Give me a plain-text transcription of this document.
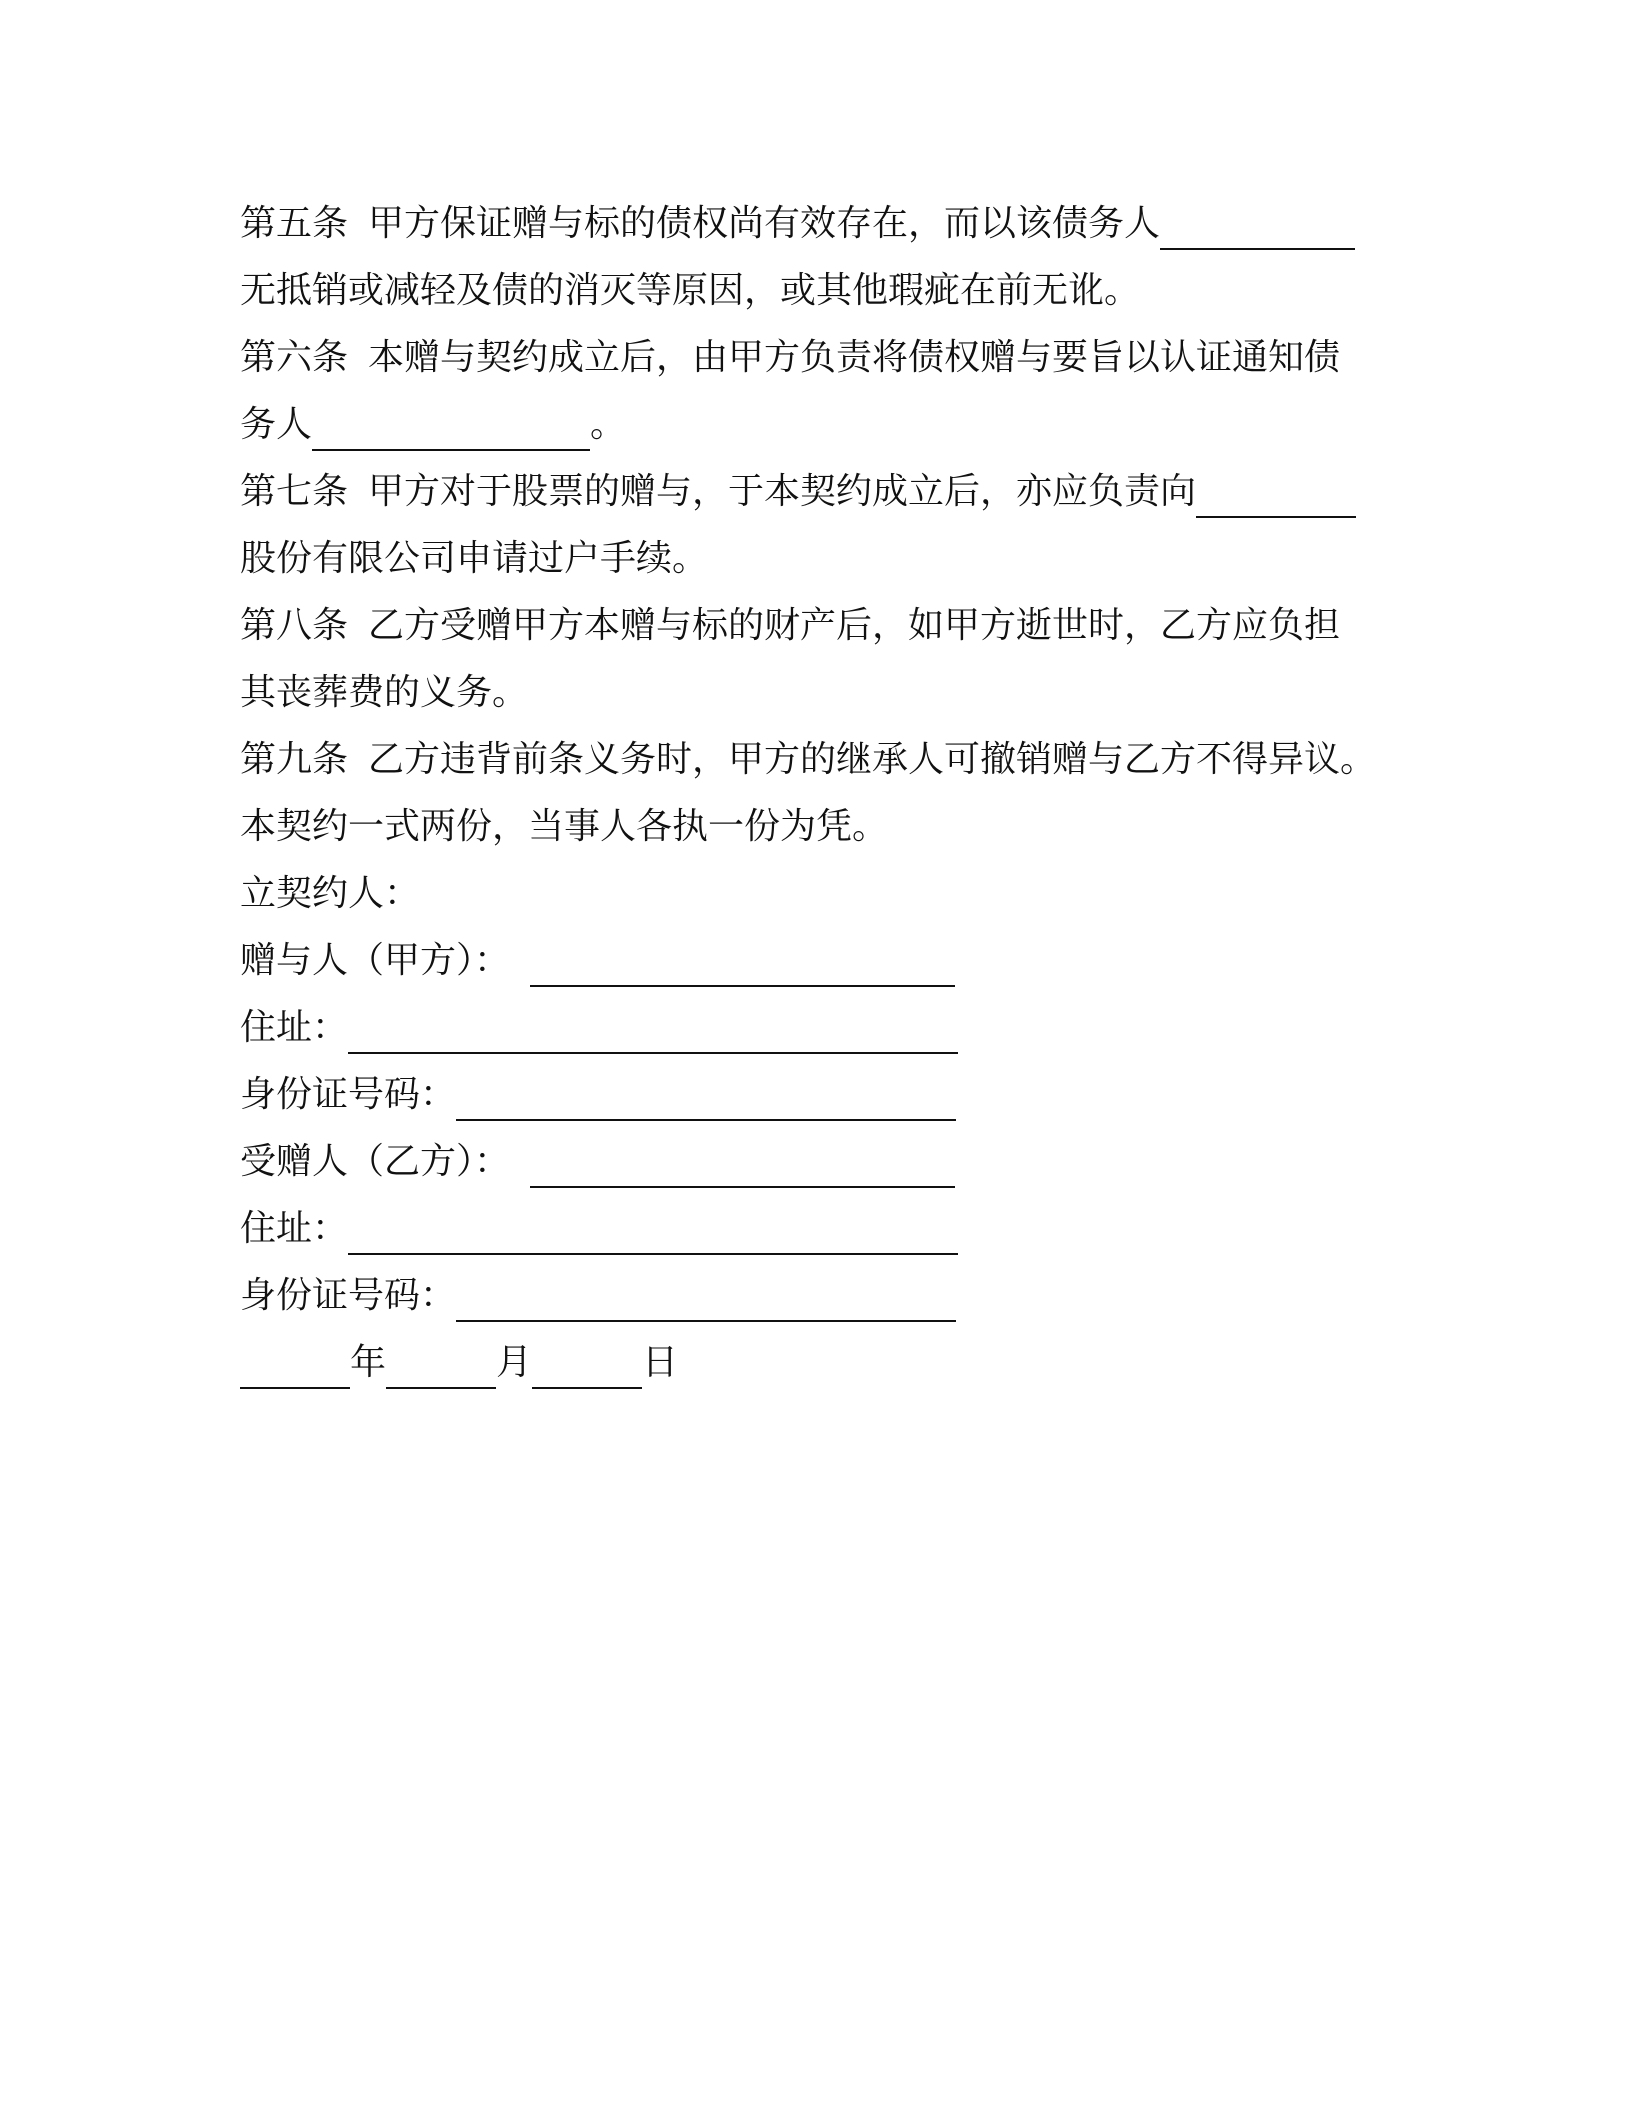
第五条 甲方保证赠与标的债权尚有效存在，而以该债务人
无抵销或减轻及债的消灭等原因，或其他瑕疵在前无讹。
第六条 本赠与契约成立后，由甲方负责将债权赠与要旨以认证通知债
务人	。
第七条 甲方对于股票的赠与，于本契约成立后，亦应负责向
股份有限公司申请过户手续。
第八条 乙方受赠甲方本赠与标的财产后，如甲方逝世时，乙方应负担
其丧葬费的义务。
第九条 乙方违背前条义务时，甲方的继承人可撤销赠与乙方不得异议。
本契约一式两份，当事人各执一份为凭。
立契约人：
赠与人（甲方）：
住址：
身份证号码：
受赠人（乙方）：
住址：
身份证号码：
年	月	日
